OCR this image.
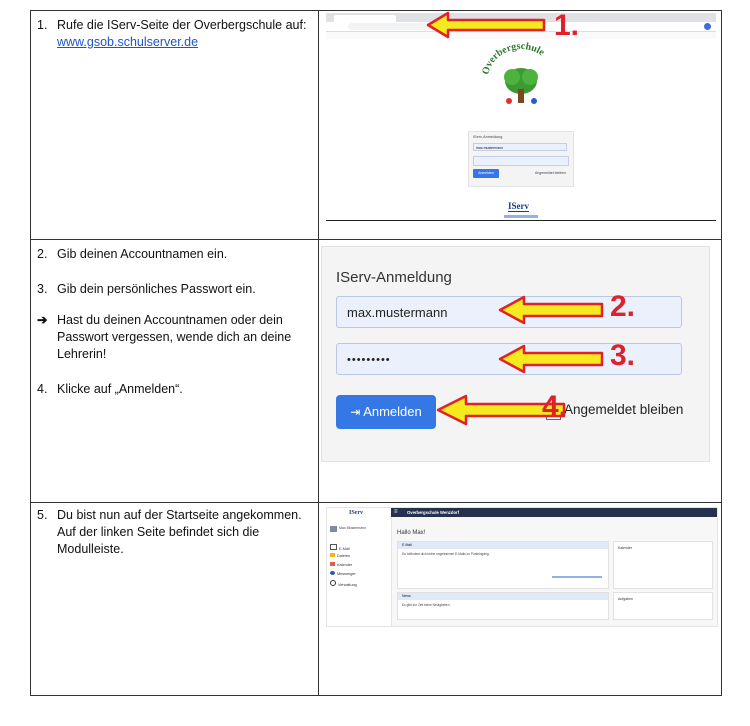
1. Rufe die IServ-Seite der Overbergschule auf:
www.gsob.schulserver.de
Overbergschule
IServ-Anmeldung
max.mustermann
Anmelden	Angemeldet bleiben
IServ
1.
2. Gib deinen Accountnamen ein.
3. Gib dein persönliches Passwort ein.
➔ Hast du deinen Accountnamen oder dein Passwort vergessen, wende dich an deine Lehrerin!
4. Klicke auf „Anmelden“.
IServ-Anmeldung
max.mustermann
•••••••••
⇥ Anmelden	Angemeldet bleiben
2.
3.
4.
5. Du bist nun auf der Startseite angekommen. Auf der linken Seite befindet sich die Modulleiste.
IServ
Max Mustermann
E-Mail
Dateien
Kalender
Messenger
Verwaltung
≡ Overbergschule Wenzdorf
Hallo Max!
E-Mail
Du befindest dich keine ungelesenen E-Mails im Posteingang.
News
Es gibt zur Zeit keine Neuigkeiten
Kalender
Aufgaben
